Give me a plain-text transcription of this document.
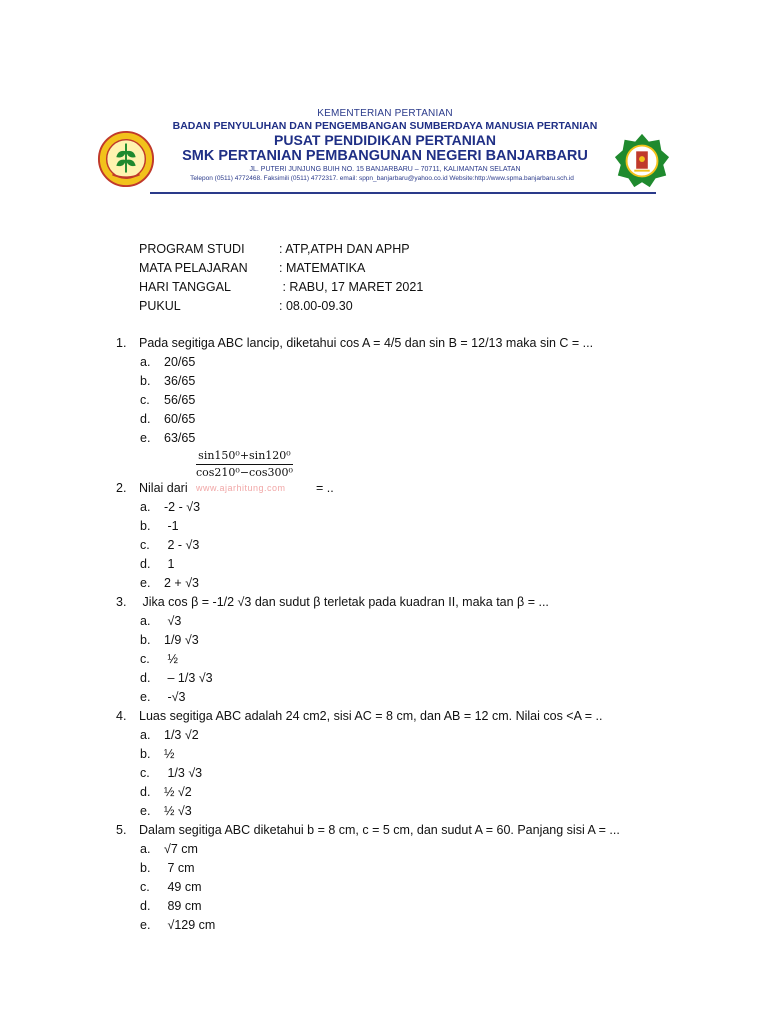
KEMENTERIAN PERTANIAN
BADAN PENYULUHAN DAN PENGEMBANGAN SUMBERDAYA MANUSIA PERTANIAN
PUSAT PENDIDIKAN PERTANIAN
SMK PERTANIAN PEMBANGUNAN NEGERI BANJARBARU
JL. PUTERI JUNJUNG BUIH NO. 15 BANJARBARU – 70711, KALIMANTAN SELATAN
Telepon (0511) 4772468. Faksimili (0511) 4772317. email: sppn_banjarbaru@yahoo.co.id Website:http://www.spma.banjarbaru.sch.id
PROGRAM STUDI	: ATP,ATPH DAN APHP
MATA PELAJARAN	: MATEMATIKA
HARI TANGGAL	: RABU, 17 MARET 2021
PUKUL	: 08.00-09.30
1. Pada segitiga ABC lancip, diketahui cos A = 4/5 dan sin B = 12/13 maka sin C = ...
a. 20/65
b. 36/65
c. 56/65
d. 60/65
e. 63/65
$\frac{\text{sin150⁰+sin120⁰}}{\text{cos210⁰−cos300⁰}}$
2. Nilai dari www.ajarhitung.com = ..
a. -2 - √3
b. -1
c. 2 - √3
d. 1
e. 2 + √3
3. Jika cos β = -1/2 √3 dan sudut β terletak pada kuadran II, maka tan β = ...
a. √3
b. 1/9 √3
c. ½
d. – 1/3 √3
e. -√3
4. Luas segitiga ABC adalah 24 cm2, sisi AC = 8 cm, dan AB = 12 cm. Nilai cos <A = ..
a. 1/3 √2
b. ½
c. 1/3 √3
d. ½ √2
e. ½ √3
5. Dalam segitiga ABC diketahui b = 8 cm, c = 5 cm, dan sudut A = 60. Panjang sisi A = ...
a. √7 cm
b. 7 cm
c. 49 cm
d. 89 cm
e. √129 cm
